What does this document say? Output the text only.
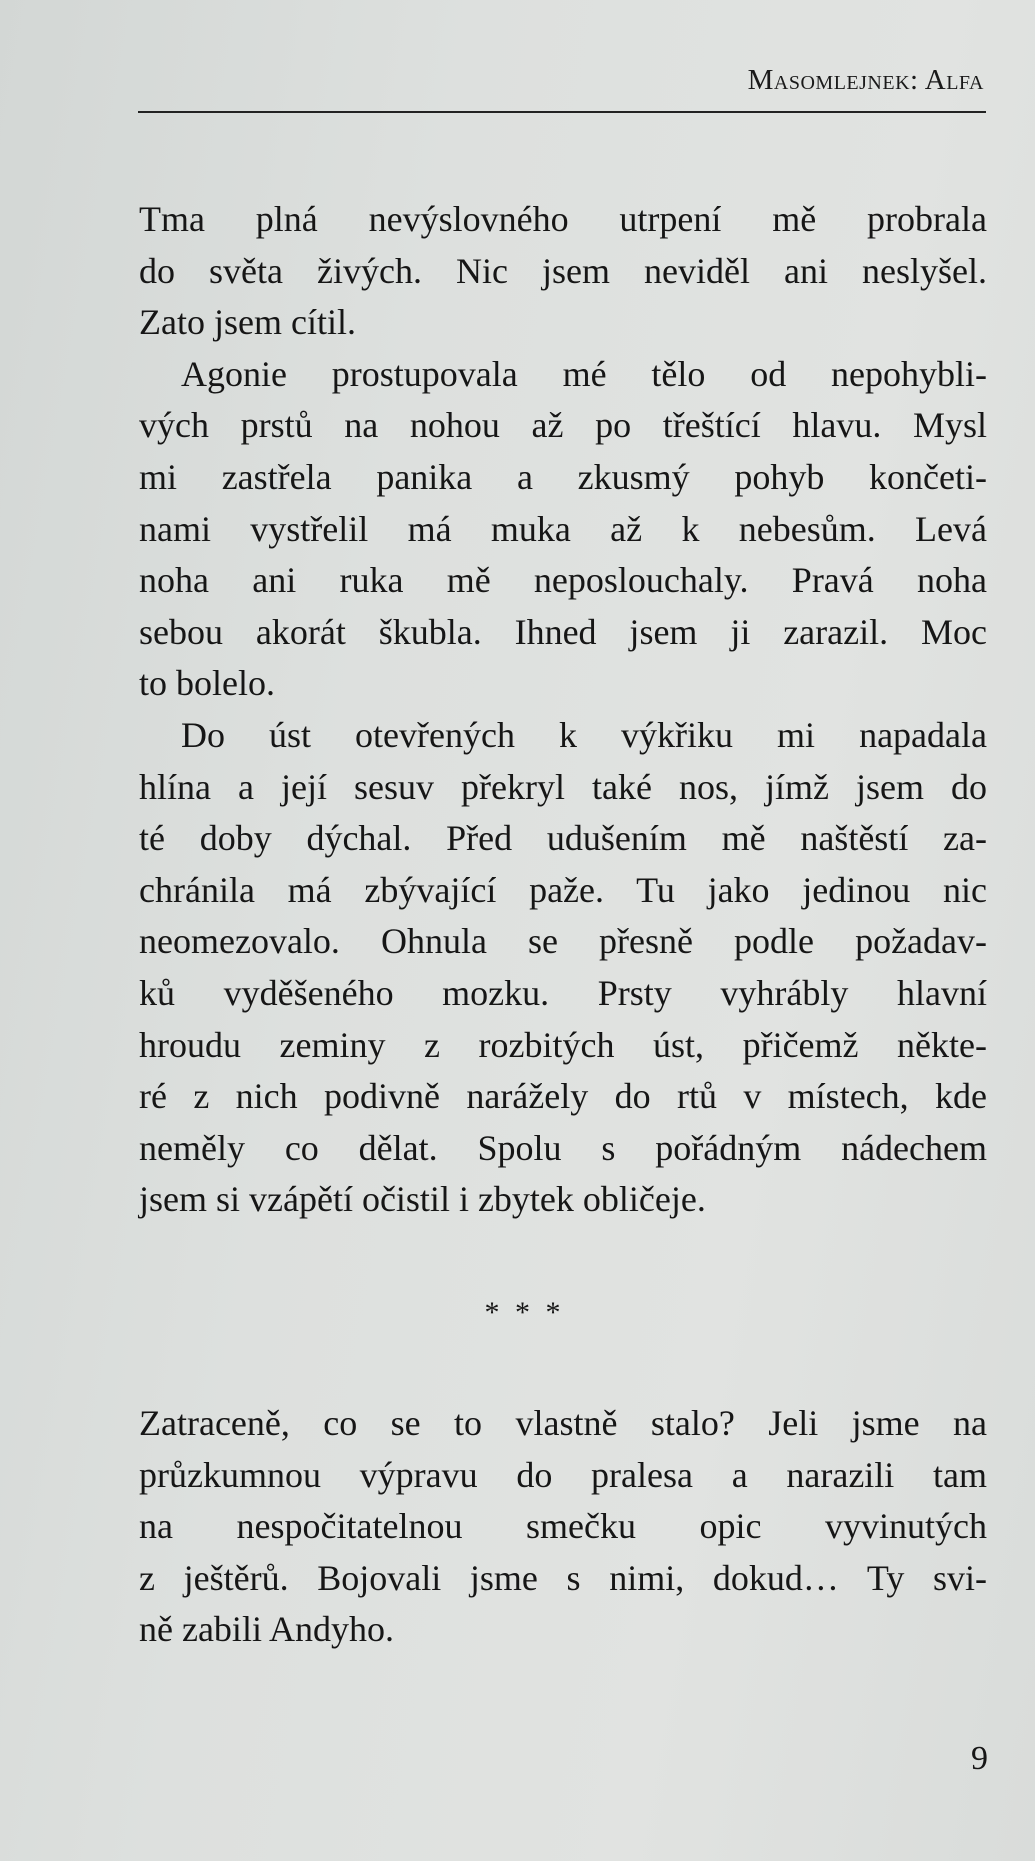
Masomlejnek: Alfa
Tma plná nevýslovného utrpení mě probrala
do světa živých. Nic jsem neviděl ani neslyšel.
Zato jsem cítil.
Agonie prostupovala mé tělo od nepohybli-
vých prstů na nohou až po třeštící hlavu. Mysl
mi zastřela panika a zkusmý pohyb končeti-
nami vystřelil má muka až k nebesům. Levá
noha ani ruka mě neposlouchaly. Pravá noha
sebou akorát škubla. Ihned jsem ji zarazil. Moc
to bolelo.
Do úst otevřených k výkřiku mi napadala
hlína a její sesuv překryl také nos, jímž jsem do
té doby dýchal. Před udušením mě naštěstí za-
chránila má zbývající paže. Tu jako jedinou nic
neomezovalo. Ohnula se přesně podle požadav-
ků vyděšeného mozku. Prsty vyhrábly hlavní
hroudu zeminy z rozbitých úst, přičemž někte-
ré z nich podivně narážely do rtů v místech, kde
neměly co dělat. Spolu s pořádným nádechem
jsem si vzápětí očistil i zbytek obličeje.
* * *
Zatraceně, co se to vlastně stalo? Jeli jsme na
průzkumnou výpravu do pralesa a narazili tam
na nespočitatelnou smečku opic vyvinutých
z ještěrů. Bojovali jsme s nimi, dokud… Ty svi-
ně zabili Andyho.
9
